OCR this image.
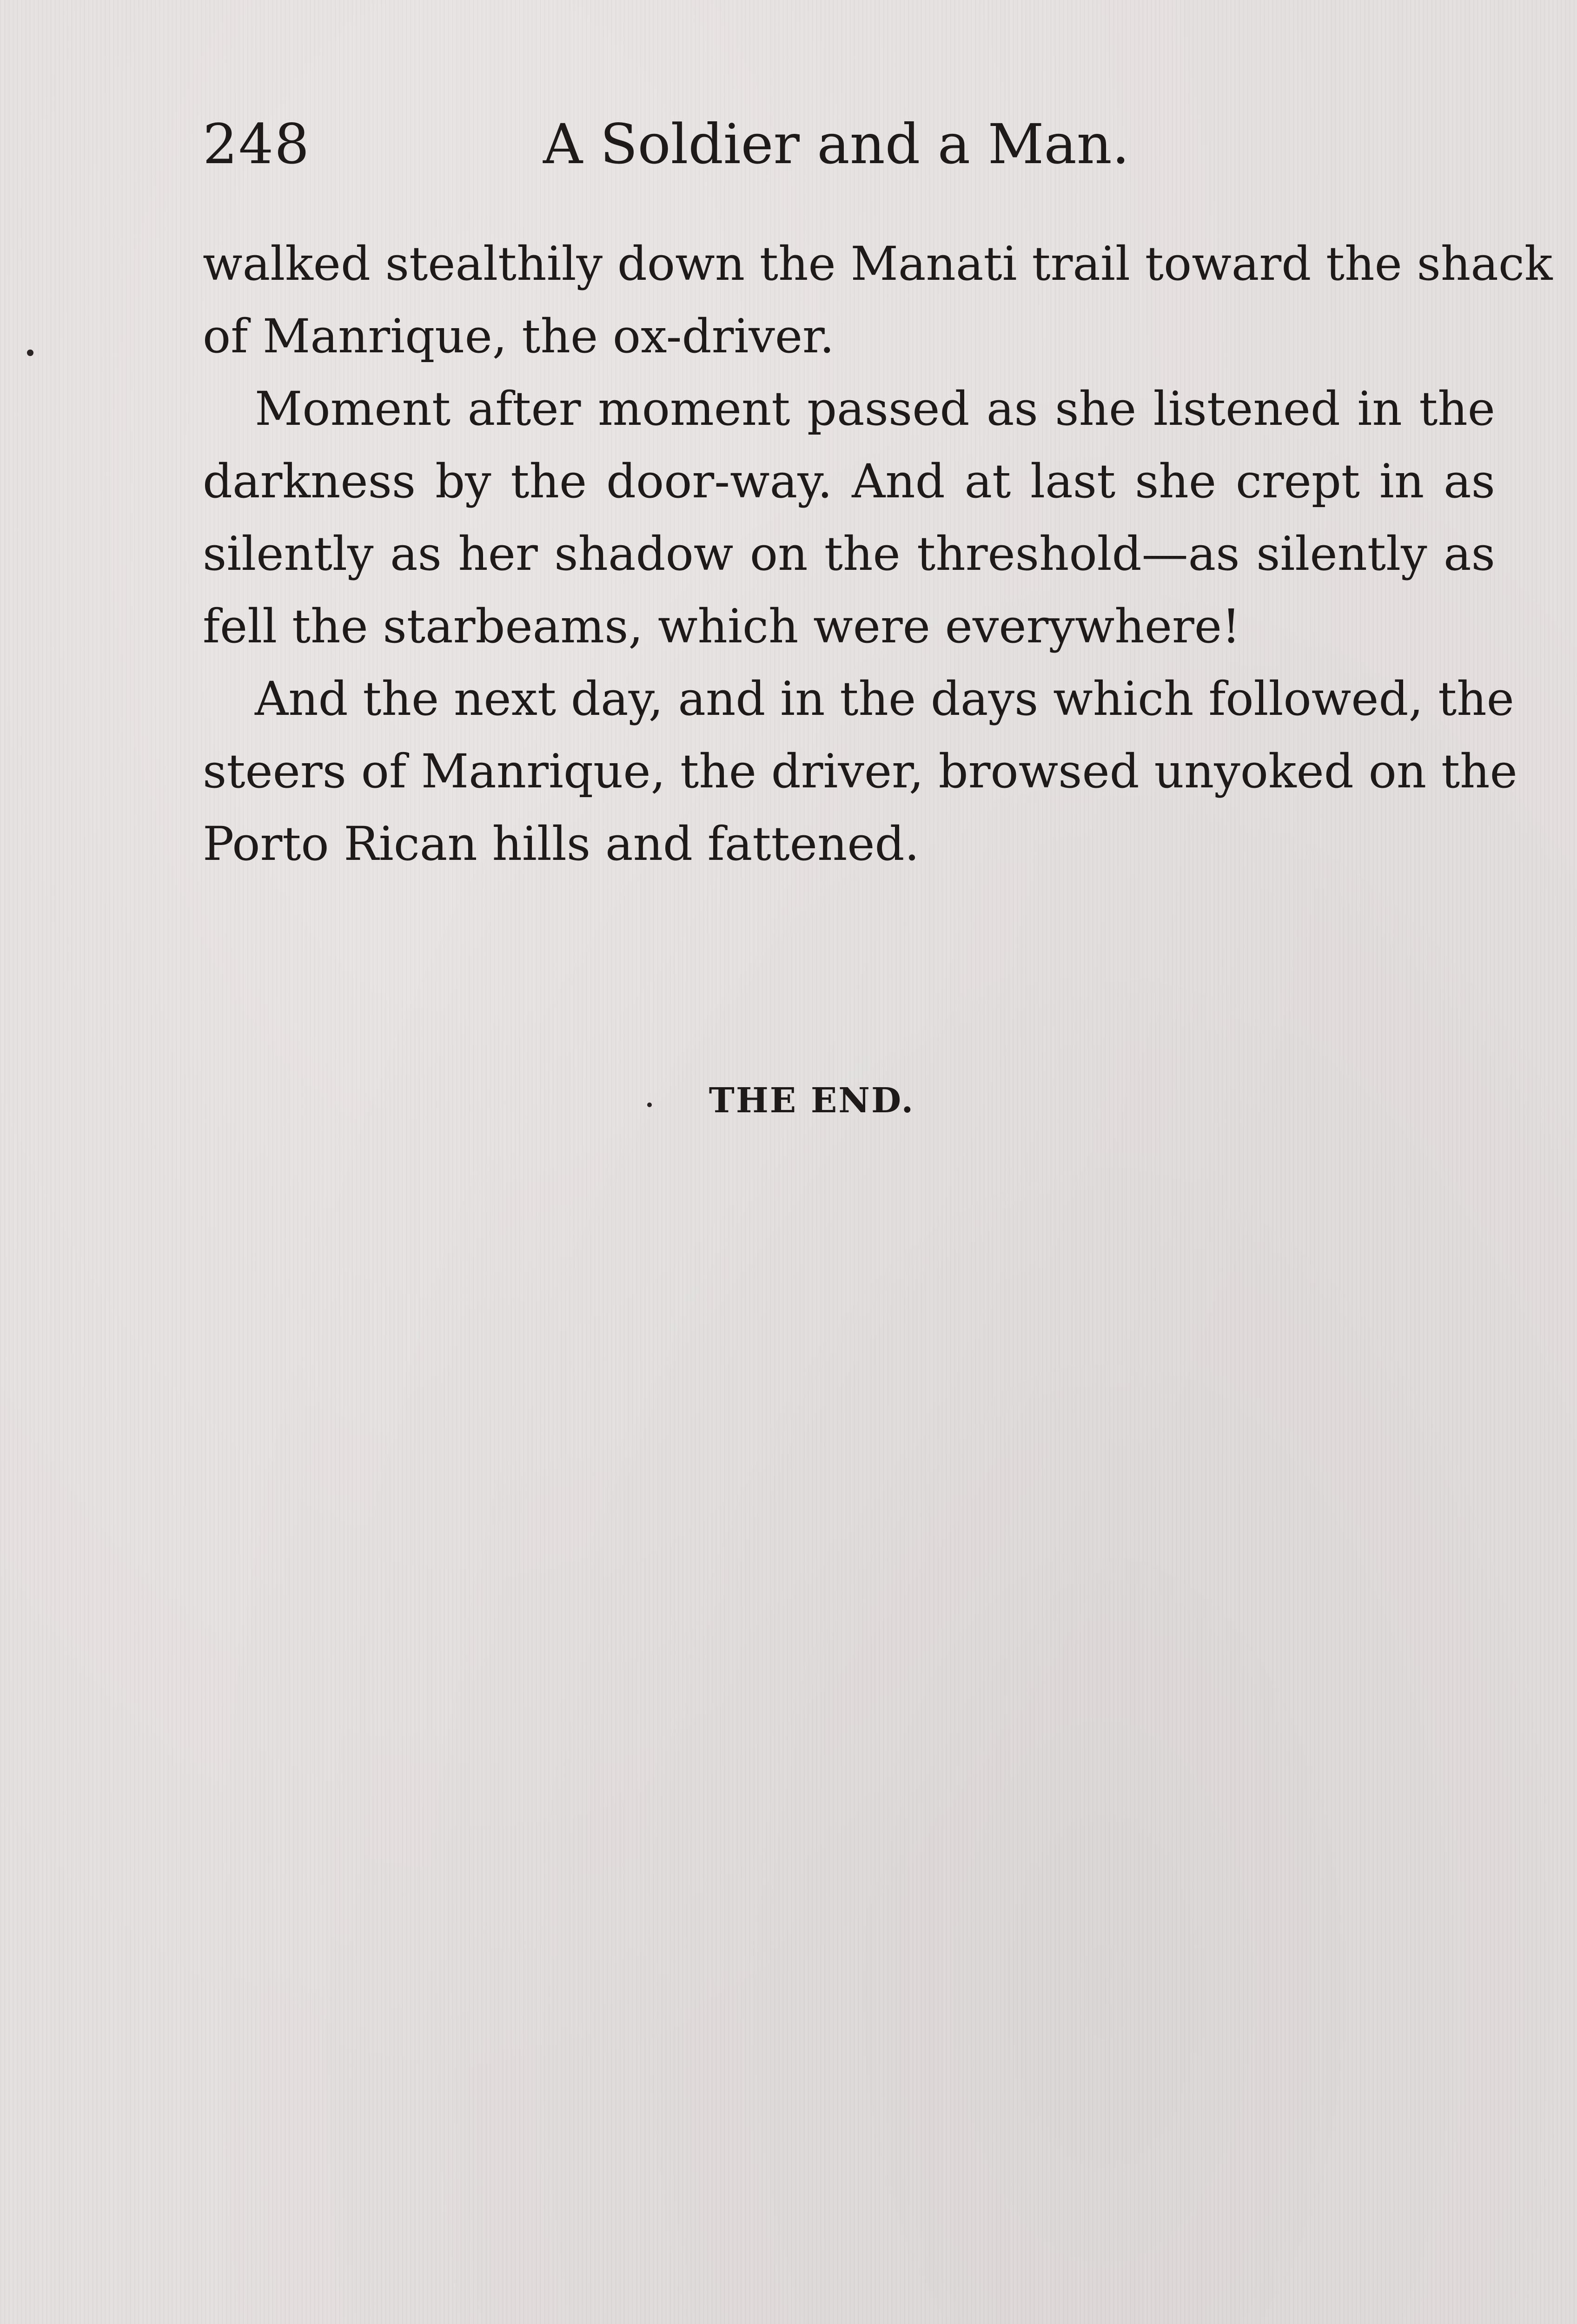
248	A Soldier and a Man.
walked stealthily down the Manati trail toward the shack
of Manrique, the ox-driver.
Moment after moment passed as she listened in the
darkness by the door-way. And at last she crept in as
silently as her shadow on the threshold—as silently as
fell the starbeams, which were everywhere!
And the next day, and in the days which followed, the
steers of Manrique, the driver, browsed unyoked on the
Porto Rican hills and fattened.
THE END.
